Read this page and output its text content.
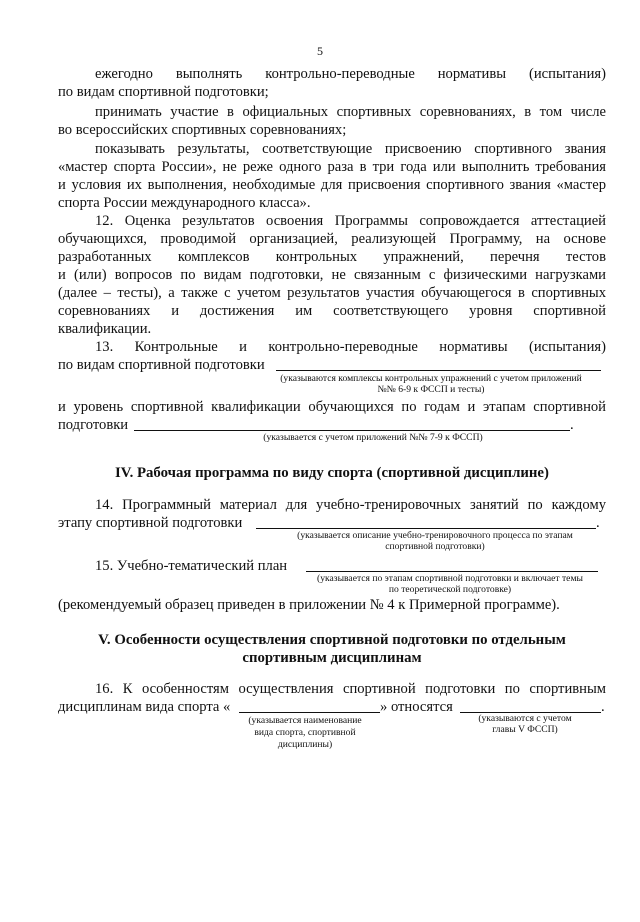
5
ежегодно выполнять контрольно-переводные нормативы (испытания)
по видам спортивной подготовки;
принимать участие в официальных спортивных соревнованиях, в том числе
во всероссийских спортивных соревнованиях;
показывать результаты, соответствующие присвоению спортивного звания
«мастер спорта России», не реже одного раза в три года или выполнить требования
и условия их выполнения, необходимые для присвоения спортивного звания «мастер
спорта России международного класса».
12. Оценка результатов освоения Программы сопровождается аттестацией
обучающихся, проводимой организацией, реализующей Программу, на основе
разработанных комплексов контрольных упражнений, перечня тестов
и (или) вопросов по видам подготовки, не связанным с физическими нагрузками
(далее – тесты), а также с учетом результатов участия обучающегося в спортивных
соревнованиях и достижения им соответствующего уровня спортивной
квалификации.
13. Контрольные и контрольно-переводные нормативы (испытания)
по видам спортивной подготовки
(указываются комплексы контрольных упражнений с учетом приложений
№№ 6-9 к ФССП и тесты)
и уровень спортивной квалификации обучающихся по годам и этапам спортивной
подготовки	.
(указывается с учетом приложений №№ 7-9 к ФССП)
IV. Рабочая программа по виду спорта (спортивной дисциплине)
14. Программный материал для учебно-тренировочных занятий по каждому
этапу спортивной подготовки	.
(указывается описание учебно-тренировочного процесса по этапам
спортивной подготовки)
15. Учебно-тематический план
(указывается по этапам спортивной подготовки и включает темы
по теоретической подготовке)
(рекомендуемый образец приведен в приложении № 4 к Примерной программе).
V. Особенности осуществления спортивной подготовки по отдельным
спортивным дисциплинам
16. К особенностям осуществления спортивной подготовки по спортивным
дисциплинам вида спорта «	» относятся	.
(указывается наименование
вида спорта, спортивной
дисциплины)
(указываются с учетом
главы V ФССП)
